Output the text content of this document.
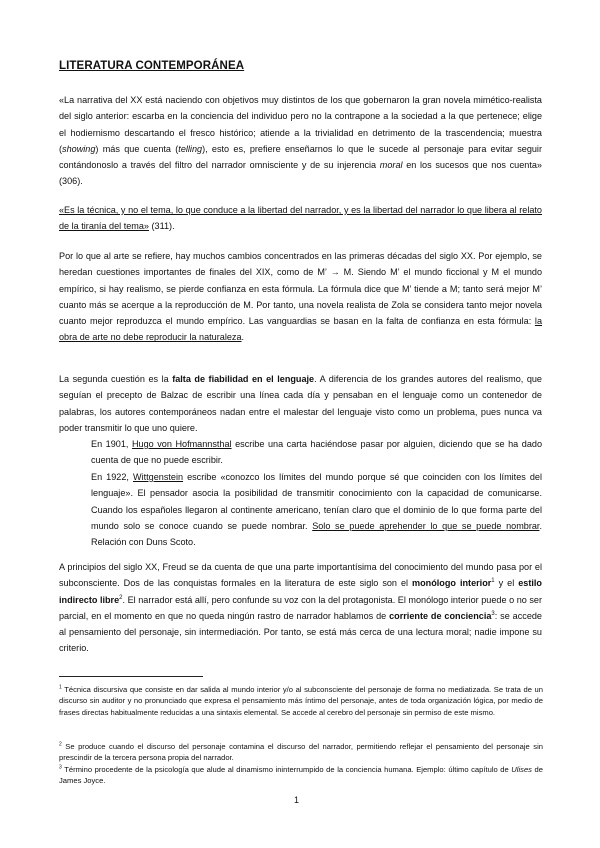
LITERATURA CONTEMPORÁNEA

«La narrativa del XX está naciendo con objetivos muy distintos de los que gobernaron la gran novela mimético-realista del siglo anterior: escarba en la conciencia del individuo pero no la contrapone a la sociedad a la que pertenece; elige el hodiernismo descartando el fresco histórico; atiende a la trivialidad en detrimento de la trascendencia; muestra (showing) más que cuenta (telling), esto es, prefiere enseñarnos lo que le sucede al personaje para evitar seguir contándonoslo a través del filtro del narrador omnisciente y de su injerencia moral en los sucesos que nos cuenta» (306).

«Es la técnica, y no el tema, lo que conduce a la libertad del narrador, y es la libertad del narrador lo que libera al relato de la tiranía del tema» (311).

Por lo que al arte se refiere, hay muchos cambios concentrados en las primeras décadas del siglo XX. Por ejemplo, se heredan cuestiones importantes de finales del XIX, como de M’ → M. Siendo M’ el mundo ficcional y M el mundo empírico, si hay realismo, se pierde confianza en esta fórmula. La fórmula dice que M’ tiende a M; tanto será mejor M’ cuanto más se acerque a la reproducción de M. Por tanto, una novela realista de Zola se considera tanto mejor novela cuanto mejor reproduzca el mundo empírico. Las vanguardias se basan en la falta de confianza en esta fórmula: la obra de arte no debe reproducir la naturaleza.

La segunda cuestión es la falta de fiabilidad en el lenguaje. A diferencia de los grandes autores del realismo, que seguían el precepto de Balzac de escribir una línea cada día y pensaban en el lenguaje como un contenedor de palabras, los autores contemporáneos nadan entre el malestar del lenguaje visto como un problema, pues nunca va poder transmitir lo que uno quiere.

En 1901, Hugo von Hofmannsthal escribe una carta haciéndose pasar por alguien, diciendo que se ha dado cuenta de que no puede escribir.

En 1922, Wittgenstein escribe «conozco los límites del mundo porque sé que coinciden con los límites del lenguaje». El pensador asocia la posibilidad de transmitir conocimiento con la capacidad de comunicarse. Cuando los españoles llegaron al continente americano, tenían claro que el dominio de lo que forma parte del mundo solo se conoce cuando se puede nombrar. Solo se puede aprehender lo que se puede nombrar. Relación con Duns Scoto.

A principios del siglo XX, Freud se da cuenta de que una parte importantísima del conocimiento del mundo pasa por el subconsciente. Dos de las conquistas formales en la literatura de este siglo son el monólogo interior$^1$ y el estilo indirecto libre$^2$. El narrador está allí, pero confunde su voz con la del protagonista. El monólogo interior puede o no ser parcial, en el momento en que no queda ningún rastro de narrador hablamos de corriente de conciencia$^3$: se accede al pensamiento del personaje, sin intermediación. Por tanto, se está más cerca de una lectura moral; nadie impone su criterio.

$^1$ Técnica discursiva que consiste en dar salida al mundo interior y/o al subconsciente del personaje de forma no mediatizada. Se trata de un discurso sin auditor y no pronunciado que expresa el pensamiento más íntimo del personaje, antes de toda organización lógica, por medio de frases directas habitualmente reducidas a una sintaxis elemental. Se accede al cerebro del personaje sin permiso de este mismo.

$^2$ Se produce cuando el discurso del personaje contamina el discurso del narrador, permitiendo reflejar el pensamiento del personaje sin prescindir de la tercera persona propia del narrador.

$^3$ Término procedente de la psicología que alude al dinamismo ininterrumpido de la conciencia humana. Ejemplo: último capítulo de Ulises de James Joyce.

1
